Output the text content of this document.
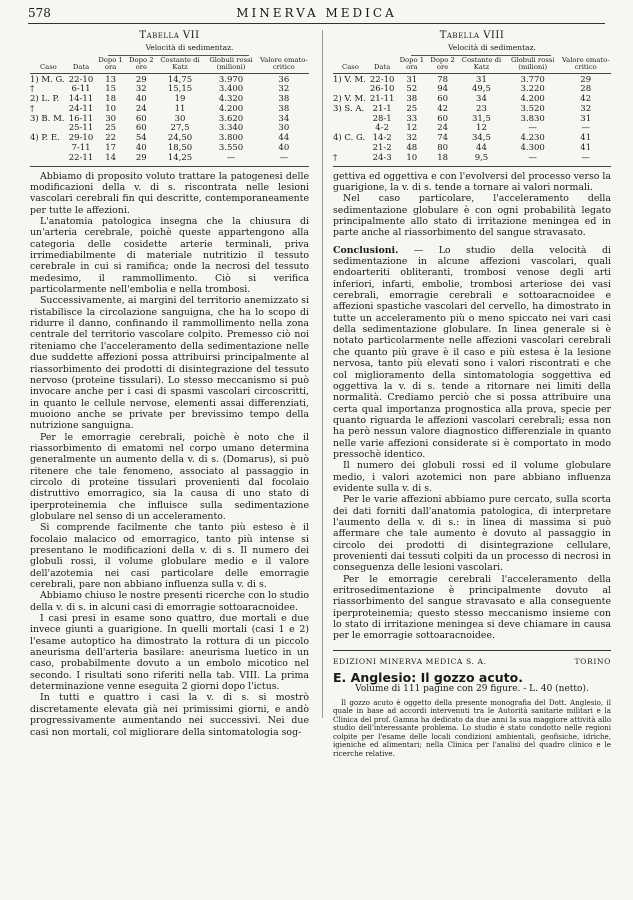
578	MINERVA MEDICA
Tabella VII
Velocità di sedimentaz.
Caso	Data	Dopo 1 ora	Dopo 2 ore	Costante di Katz	Globuli rossi (milioni)	Valore emato-critico
1) M. G.	22-10	13	29	14,75	3.970	36
†	6-11	15	32	15,15	3.400	32
2) L. P.	14-11	18	40	19	4.320	38
†	24-11	10	24	11	4.200	38
3) B. M.	16-11	30	60	30	3.620	34
	25-11	25	60	27,5	3.340	30
4) P. E.	29-10	22	54	24,50	3.800	44
	7-11	17	40	18,50	3.550	40
	22-11	14	29	14,25	—	—

Abbiamo di proposito voluto trattare la patogenesi delle modificazioni della v. di s. riscontrata nelle lesioni vascolari cerebrali fin qui descritte, contemporaneamente per tutte le affezioni.

L'anatomia patologica insegna che la chiusura di un'arteria cerebrale, poichè queste appartengono alla categoria delle cosidette arterie terminali, priva irrimediabilmente di materiale nutritizio il tessuto cerebrale in cui si ramifica; onde la necrosi del tessuto medesimo, il rammollimento. Ciò si verifica particolarmente nell'embolia e nella trombosi.

Successivamente, ai margini del territorio anemizzato si ristabilisce la circolazione sanguigna, che ha lo scopo di ridurre il danno, confinando il rammollimento nella zona centrale del territorio vascolare colpito. Premesso ciò noi riteniamo che l'acceleramento della sedimentazione nelle due suddette affezioni possa attribuirsi principalmente al riassorbimento dei prodotti di disintegrazione del tessuto nervoso (proteine tissulari). Lo stesso meccanismo si può invocare anche per i casi di spasmi vascolari circoscritti, in quanto le cellule nervose, elementi assai differenziati, muoiono anche se private per brevissimo tempo della nutrizione sanguigna.

Per le emorragie cerebrali, poichè è noto che il riassorbimento di ematomi nel corpo umano determina generalmente un aumento della v. di s. (Domarus), si può ritenere che tale fenomeno, associato al passaggio in circolo di proteine tissulari provenienti dal focolaio distruttivo emorragico, sia la causa di uno stato di iperproteinemia che influisce sulla sedimentazione globulare nel senso di un acceleramento.

Si comprende facilmente che tanto più esteso è il focolaio malacico od emorragico, tanto più intense si presentano le modificazioni della v. di s. Il numero dei globuli rossi, il volume globulare medio e il valore dell'azotemia nei casi particolare delle emorragie cerebrali, pare non abbiano influenza sulla v. di s.

Abbiamo chiuso le nostre presenti ricerche con lo studio della v. di s. in alcuni casi di emorragie sottoaracnoidee.

I casi presi in esame sono quattro, due mortali e due invece giunti a guarigione. In quelli mortali (casi 1 e 2) l'esame autoptico ha dimostrato la rottura di un piccolo aneurisma dell'arteria basilare: aneurisma luetico in un caso, probabilmente dovuto a un embolo micotico nel secondo. I risultati sono riferiti nella tab. VIII. La prima determinazione venne eseguita 2 giorni dopo l'ictus.

In tutti e quattro i casi la v. di s. si mostrò discretamente elevata già nei primissimi giorni, e andò progressivamente aumentando nei successivi. Nei due casi non mortali, col migliorare della sintomatologia sog-

Tabella VIII
Velocità di sedimentaz.
Caso	Data	Dopo 1 ora	Dopo 2 ore	Costante di Katz	Globuli rossi (milioni)	Valore emato-critico
1) V. M.	22-10	31	78	31	3.770	29
	26-10	52	94	49,5	3.220	28
2) V. M.	21-11	38	60	34	4.200	42
3) S. A.	21-1	25	42	23	3.520	32
	28-1	33	60	31,5	3.830	31
	4-2	12	24	12	—	—
4) C. G.	14-2	32	74	34,5	4.230	41
	21-2	48	80	44	4.300	41
†	24-3	10	18	9,5	—	—

gettiva ed oggettiva e con l'evolversi del processo verso la guarigione, la v. di s. tende a tornare ai valori normali.

Nel caso particolare, l'acceleramento della sedimentazione globulare è con ogni probabilità legato principalmente allo stato di irritazione meningea ed in parte anche al riassorbimento del sangue stravasato.

Conclusioni. — Lo studio della velocità di sedimentazione in alcune affezioni vascolari, quali endoarteriti obliteranti, trombosi venose degli arti inferiori, infarti, embolie, trombosi arteriose dei vasi cerebrali, emorragie cerebrali e sottoaracnoidee e affezioni spastiche vascolari del cervello, ha dimostrato in tutte un acceleramento più o meno spiccato nei vari casi della sedimentazione globulare. In linea generale si è notato particolarmente nelle affezioni vascolari cerebrali che quanto più grave è il caso e più estesa è la lesione nervosa, tanto più elevati sono i valori riscontrati e che col miglioramento della sintomatologia soggettiva ed oggettiva la v. di s. tende a ritornare nei limiti della normalità. Crediamo perciò che si possa attribuire una certa qual importanza prognostica alla prova, specie per quanto riguarda le affezioni vascolari cerebrali; essa non ha però nessun valore diagnostico differenziale in quanto nelle varie affezioni considerate si è comportato in modo pressochè identico.

Il numero dei globuli rossi ed il volume globulare medio, i valori azotemici non pare abbiano influenza evidente sulla v. di s.

Per le varie affezioni abbiamo pure cercato, sulla scorta dei dati forniti dall'anatomia patologica, di interpretare l'aumento della v. di s.: in linea di massima si può affermare che tale aumento è dovuto al passaggio in circolo dei prodotti di disintegrazione cellulare, provenienti dai tessuti colpiti da un processo di necrosi in conseguenza delle lesioni vascolari.

Per le emorragie cerebrali l'acceleramento della eritrosedimentazione è principalmente dovuto al riassorbimento del sangue stravasato e alla conseguente iperproteinemia; questo stesso meccanismo insieme con lo stato di irritazione meningea si deve chiamare in causa per le emorragie sottoaracnoidee.

EDIZIONI MINERVA MEDICA S. A.	TORINO
E. Anglesio: Il gozzo acuto.
Volume di 111 pagine con 29 figure. - L. 40 (netto).

Il gozzo acuto è oggetto della presente monografia del Dott. Anglesio, il quale in base ad accordi intervenuti tra le Autorità sanitarie militari e la Clinica del prof. Gamna ha dedicato da due anni la sua maggiore attività allo studio dell'interessante problema. Lo studio è stato condotto nelle regioni colpite per l'esame delle locali condizioni ambientali, geofisiche, idriche, igieniche ed alimentari; nella Clinica per l'analisi del quadro clinico e le ricerche relative.
